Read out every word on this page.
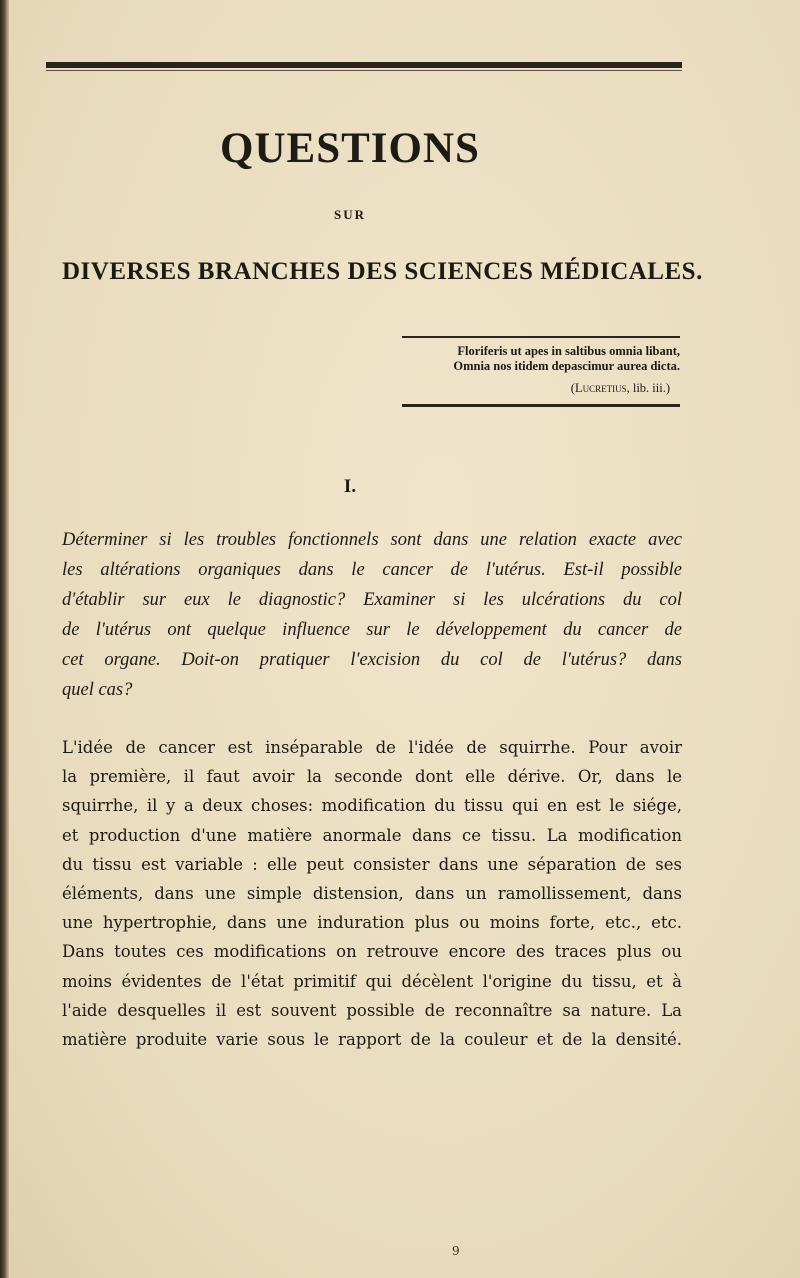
QUESTIONS
SUR
DIVERSES BRANCHES DES SCIENCES MÉDICALES.
Floriferis ut apes in saltibus omnia libant,
Omnia nos itidem depascimur aurea dicta.
(Lucretius, lib. iii.)
I.
Déterminer si les troubles fonctionnels sont dans une relation exacte avec
les altérations organiques dans le cancer de l'utérus. Est-il possible
d'établir sur eux le diagnostic? Examiner si les ulcérations du col
de l'utérus ont quelque influence sur le développement du cancer de
cet organe. Doit-on pratiquer l'excision du col de l'utérus? dans
quel cas?
L'idée de cancer est inséparable de l'idée de squirrhe. Pour avoir
la première, il faut avoir la seconde dont elle dérive. Or, dans le
squirrhe, il y a deux choses: modification du tissu qui en est le siége,
et production d'une matière anormale dans ce tissu. La modification
du tissu est variable : elle peut consister dans une séparation de ses
éléments, dans une simple distension, dans un ramollissement, dans
une hypertrophie, dans une induration plus ou moins forte, etc., etc.
Dans toutes ces modifications on retrouve encore des traces plus ou
moins évidentes de l'état primitif qui décèlent l'origine du tissu, et à
l'aide desquelles il est souvent possible de reconnaître sa nature. La
matière produite varie sous le rapport de la couleur et de la densité.
9
